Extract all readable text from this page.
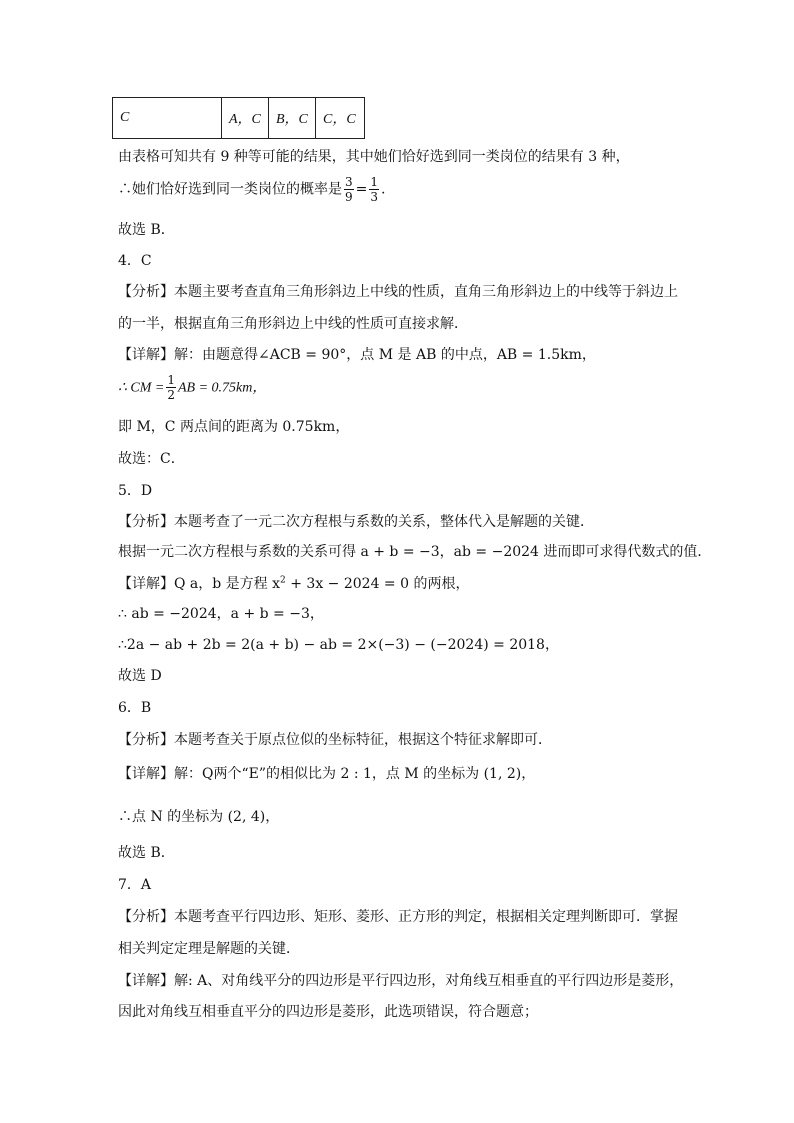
C	A，C	B，C	C，C
由表格可知共有 9 种等可能的结果，其中她们恰好选到同一类岗位的结果有 3 种，
∴她们恰好选到同一类岗位的概率是 $\frac{3}{9} = \frac{1}{3}$ .
故选 B．
4．C
【分析】本题主要考查直角三角形斜边上中线的性质，直角三角形斜边上的中线等于斜边上
的一半，根据直角三角形斜边上中线的性质可直接求解．
【详解】解：由题意得∠ACB = 90°，点 M 是 AB 的中点，AB = 1.5km，
∴ CM = $\frac{1}{2}$ AB = 0.75km，
即 M，C 两点间的距离为 0.75km，
故选：C．
5．D
【分析】本题考查了一元二次方程根与系数的关系，整体代入是解题的关键．
根据一元二次方程根与系数的关系可得 a + b = −3，ab = −2024 进而即可求得代数式的值．
【详解】Q a，b 是方程 $x^2 + 3x - 2024 = 0$ 的两根，
∴ ab = −2024，a + b = −3，
∴2a − ab + 2b = 2(a + b) − ab = 2×(−3) − (−2024) = 2018，
故选 D
6．B
【分析】本题考查关于原点位似的坐标特征，根据这个特征求解即可．
【详解】解：Q两个“E”的相似比为 2 : 1，点 M 的坐标为 (1, 2)，
∴点 N 的坐标为 (2, 4)，
故选 B．
7．A
【分析】本题考查平行四边形、矩形、菱形、正方形的判定，根据相关定理判断即可．掌握
相关判定定理是解题的关键．
【详解】解: A、对角线平分的四边形是平行四边形，对角线互相垂直的平行四边形是菱形，
因此对角线互相垂直平分的四边形是菱形，此选项错误，符合题意；
